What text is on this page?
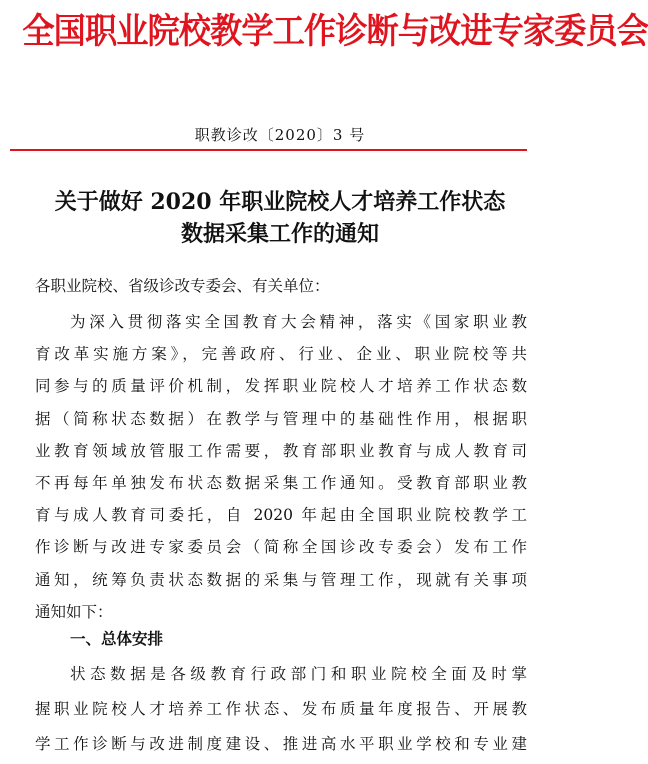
全国职业院校教学工作诊断与改进专家委员会
职教诊改〔2020〕3 号
关于做好 2020 年职业院校人才培养工作状态
数据采集工作的通知
各职业院校、省级诊改专委会、有关单位：
为深入贯彻落实全国教育大会精神，落实《国家职业教
育改革实施方案》，完善政府、行业、企业、职业院校等共
同参与的质量评价机制，发挥职业院校人才培养工作状态数
据（简称状态数据）在教学与管理中的基础性作用，根据职
业教育领域放管服工作需要，教育部职业教育与成人教育司
不再每年单独发布状态数据采集工作通知。受教育部职业教
育与成人教育司委托，自 2020 年起由全国职业院校教学工
作诊断与改进专家委员会（简称全国诊改专委会）发布工作
通知，统筹负责状态数据的采集与管理工作，现就有关事项
通知如下：
一、总体安排
状态数据是各级教育行政部门和职业院校全面及时掌
握职业院校人才培养工作状态、发布质量年度报告、开展教
学工作诊断与改进制度建设、推进高水平职业学校和专业建
